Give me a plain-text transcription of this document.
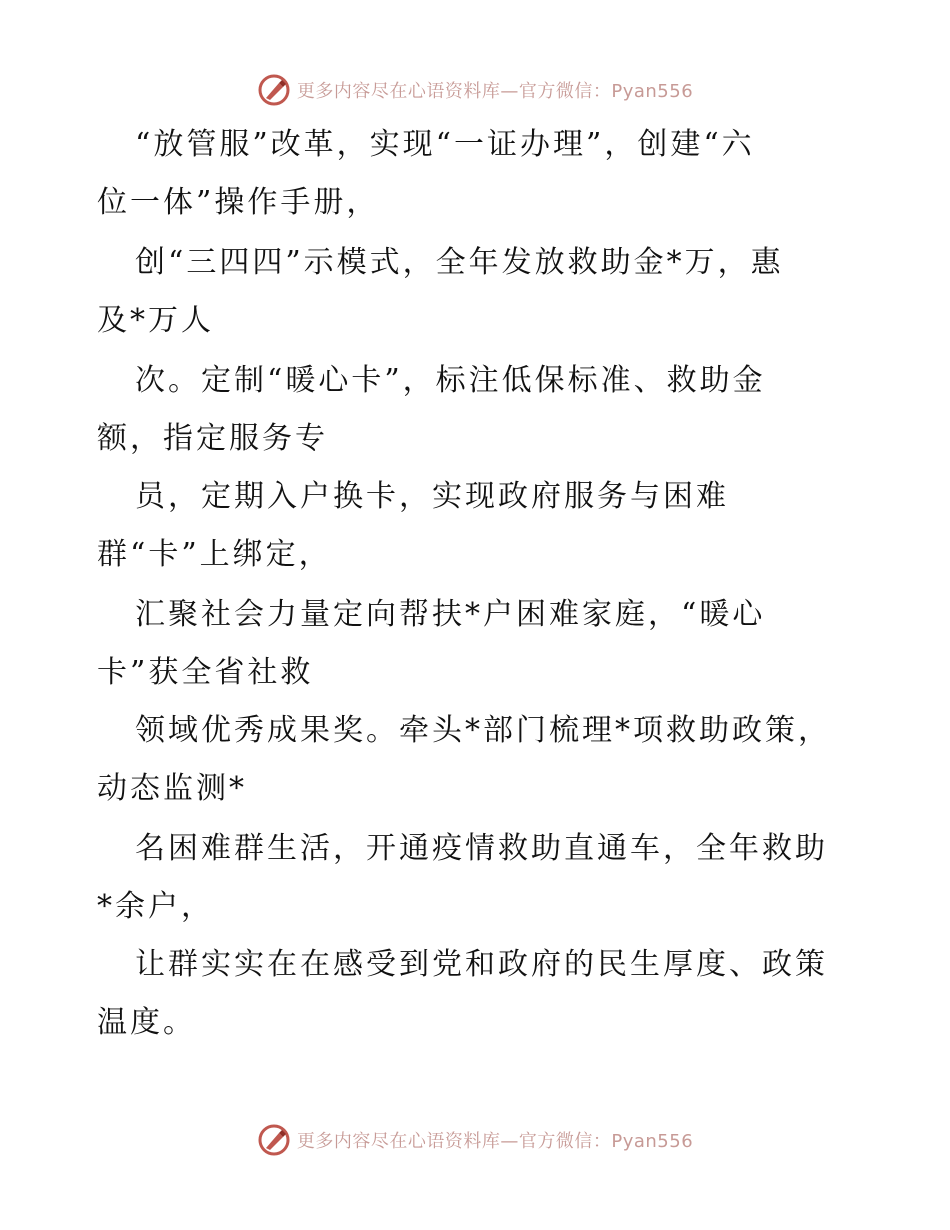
更多内容尽在心语资料库—官方微信：Pyan556
“放管服”改革，实现“一证办理”，创建“六
位一体”操作手册，
创“三四四”示模式，全年发放救助金*万，惠
及*万人
次。定制“暖心卡”，标注低保标准、救助金
额，指定服务专
员，定期入户换卡，实现政府服务与困难
群“卡”上绑定，
汇聚社会力量定向帮扶*户困难家庭，“暖心
卡”获全省社救
领域优秀成果奖。牵头*部门梳理*项救助政策，
动态监测*
名困难群生活，开通疫情救助直通车，全年救助
*余户，
让群实实在在感受到党和政府的民生厚度、政策
温度。
更多内容尽在心语资料库—官方微信：Pyan556
